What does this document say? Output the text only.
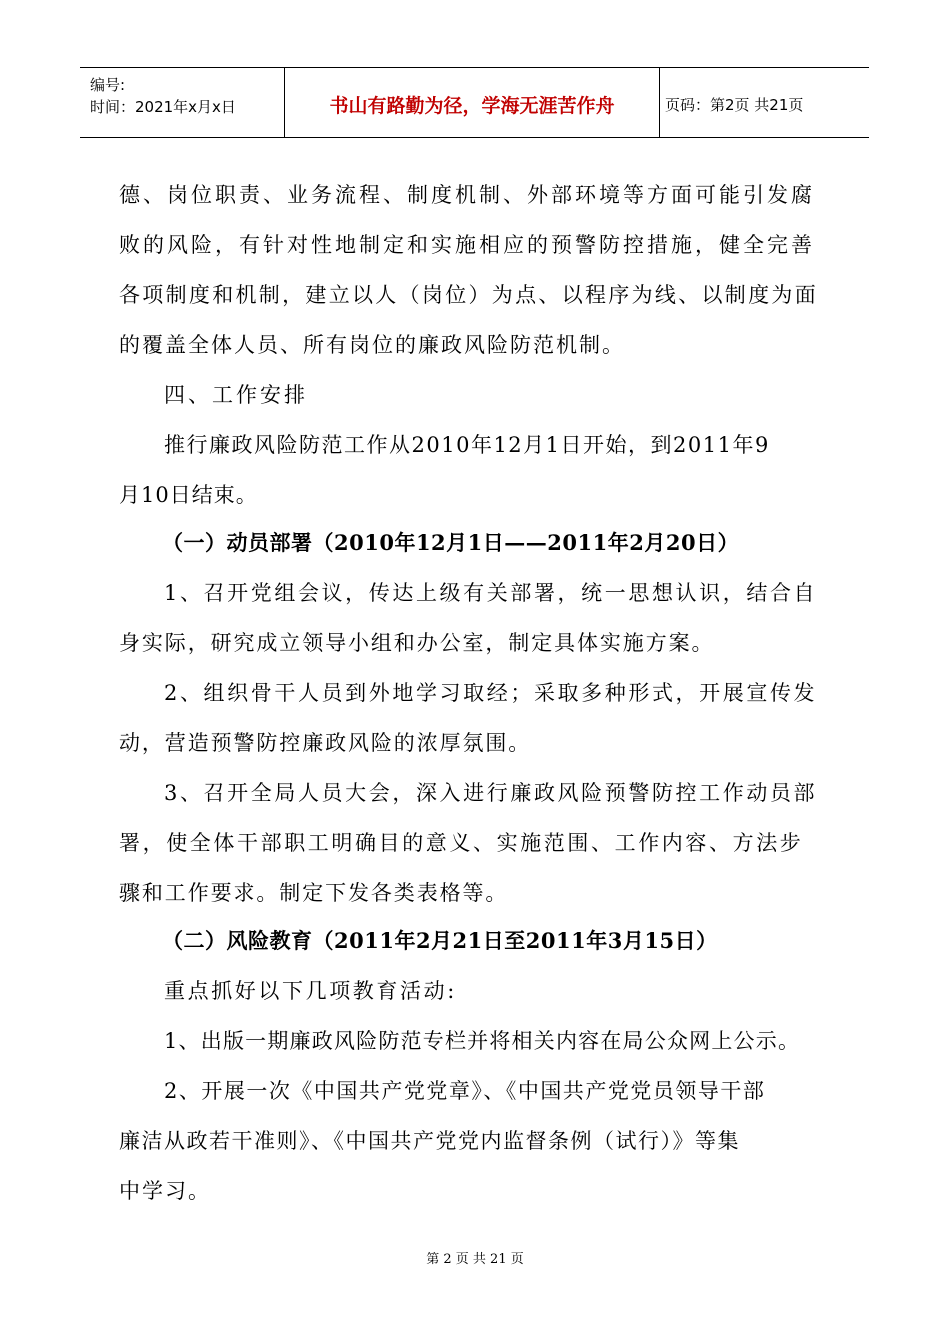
编号:
时间：2021年x月x日	书山有路勤为径，学海无涯苦作舟	页码：第2页 共21页
德、岗位职责、业务流程、制度机制、外部环境等方面可能引发腐
败的风险，有针对性地制定和实施相应的预警防控措施，健全完善
各项制度和机制，建立以人（岗位）为点、以程序为线、以制度为面
的覆盖全体人员、所有岗位的廉政风险防范机制。
四、工作安排
推行廉政风险防范工作从2010年12月1日开始，到2011年9
月10日结束。
（一）动员部署（2010年12月1日——2011年2月20日）
1、召开党组会议，传达上级有关部署，统一思想认识，结合自
身实际，研究成立领导小组和办公室，制定具体实施方案。
2、组织骨干人员到外地学习取经；采取多种形式，开展宣传发
动，营造预警防控廉政风险的浓厚氛围。
3、召开全局人员大会，深入进行廉政风险预警防控工作动员部
署，使全体干部职工明确目的意义、实施范围、工作内容、方法步
骤和工作要求。制定下发各类表格等。
（二）风险教育（2011年2月21日至2011年3月15日）
重点抓好以下几项教育活动:
1、出版一期廉政风险防范专栏并将相关内容在局公众网上公示。
2、开展一次《中国共产党党章》、《中国共产党党员领导干部
廉洁从政若干准则》、《中国共产党党内监督条例（试行）》等集
中学习。
第 2 页 共 21 页
